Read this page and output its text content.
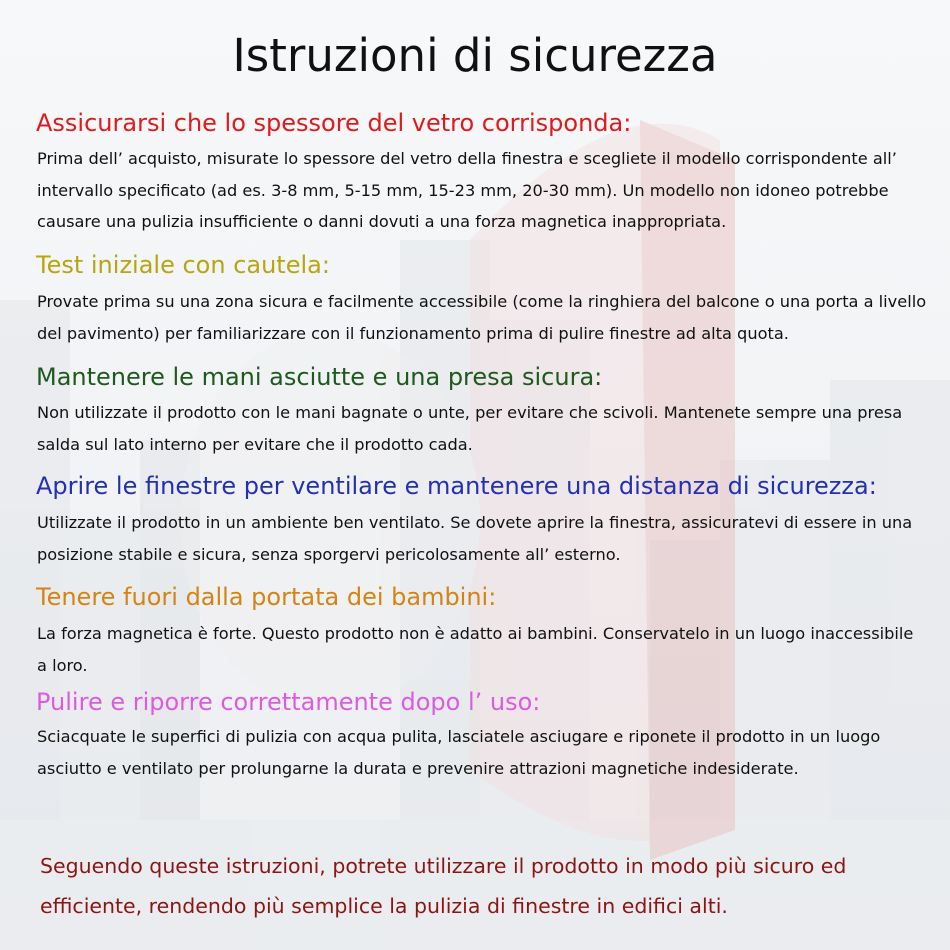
Istruzioni di sicurezza
Assicurarsi che lo spessore del vetro corrisponda:
Prima dell’ acquisto, misurate lo spessore del vetro della finestra e scegliete il modello corrispondente all’ intervallo specificato (ad es. 3-8 mm, 5-15 mm, 15-23 mm, 20-30 mm). Un modello non idoneo potrebbe causare una pulizia insufficiente o danni dovuti a una forza magnetica inappropriata.
Test iniziale con cautela:
Provate prima su una zona sicura e facilmente accessibile (come la ringhiera del balcone o una porta a livello del pavimento) per familiarizzare con il funzionamento prima di pulire finestre ad alta quota.
Mantenere le mani asciutte e una presa sicura:
Non utilizzate il prodotto con le mani bagnate o unte, per evitare che scivoli. Mantenete sempre una presa salda sul lato interno per evitare che il prodotto cada.
Aprire le finestre per ventilare e mantenere una distanza di sicurezza:
Utilizzate il prodotto in un ambiente ben ventilato. Se dovete aprire la finestra, assicuratevi di essere in una posizione stabile e sicura, senza sporgervi pericolosamente all’ esterno.
Tenere fuori dalla portata dei bambini:
La forza magnetica è forte. Questo prodotto non è adatto ai bambini. Conservatelo in un luogo inaccessibile a loro.
Pulire e riporre correttamente dopo l’ uso:
Sciacquate le superfici di pulizia con acqua pulita, lasciatele asciugare e riponete il prodotto in un luogo asciutto e ventilato per prolungarne la durata e prevenire attrazioni magnetiche indesiderate.
Seguendo queste istruzioni, potrete utilizzare il prodotto in modo più sicuro ed efficiente, rendendo più semplice la pulizia di finestre in edifici alti.
